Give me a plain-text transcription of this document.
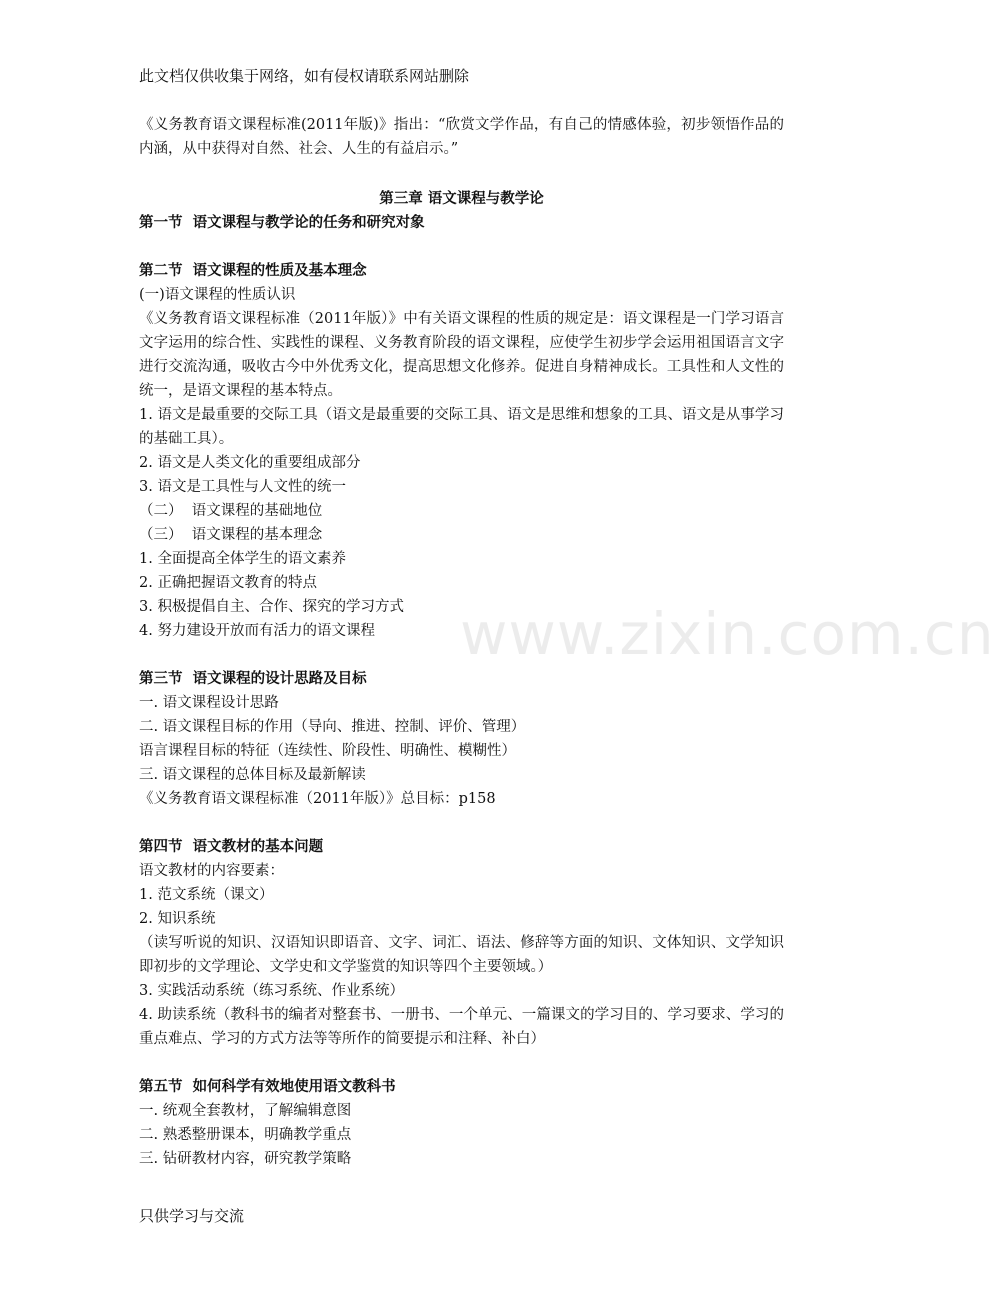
此文档仅供收集于网络，如有侵权请联系网站删除
www.zixin.com.cn
《义务教育语文课程标准(2011年版)》指出：“欣赏文学作品，有自己的情感体验，初步领悟作品的内涵，从中获得对自然、社会、人生的有益启示。”
第三章 语文课程与教学论
第一节  语文课程与教学论的任务和研究对象
第二节  语文课程的性质及基本理念
(一)语文课程的性质认识
《义务教育语文课程标准（2011年版）》中有关语文课程的性质的规定是：语文课程是一门学习语言文字运用的综合性、实践性的课程、义务教育阶段的语文课程，应使学生初步学会运用祖国语言文字进行交流沟通，吸收古今中外优秀文化，提高思想文化修养。促进自身精神成长。工具性和人文性的统一，是语文课程的基本特点。
1. 语文是最重要的交际工具（语文是最重要的交际工具、语文是思维和想象的工具、语文是从事学习的基础工具）。
2. 语文是人类文化的重要组成部分
3. 语文是工具性与人文性的统一
（二）  语文课程的基础地位
（三）  语文课程的基本理念
1. 全面提高全体学生的语文素养
2. 正确把握语文教育的特点
3. 积极提倡自主、合作、探究的学习方式
4. 努力建设开放而有活力的语文课程
第三节  语文课程的设计思路及目标
一. 语文课程设计思路
二. 语文课程目标的作用（导向、推进、控制、评价、管理）
语言课程目标的特征（连续性、阶段性、明确性、模糊性）
三. 语文课程的总体目标及最新解读
《义务教育语文课程标准（2011年版）》总目标：p158
第四节  语文教材的基本问题
语文教材的内容要素：
1. 范文系统（课文）
2. 知识系统
（读写听说的知识、汉语知识即语音、文字、词汇、语法、修辞等方面的知识、文体知识、文学知识即初步的文学理论、文学史和文学鉴赏的知识等四个主要领域。）
3. 实践活动系统（练习系统、作业系统）
4. 助读系统（教科书的编者对整套书、一册书、一个单元、一篇课文的学习目的、学习要求、学习的重点难点、学习的方式方法等等所作的简要提示和注释、补白）
第五节  如何科学有效地使用语文教科书
一. 统观全套教材，了解编辑意图
二. 熟悉整册课本，明确教学重点
三. 钻研教材内容，研究教学策略
只供学习与交流
